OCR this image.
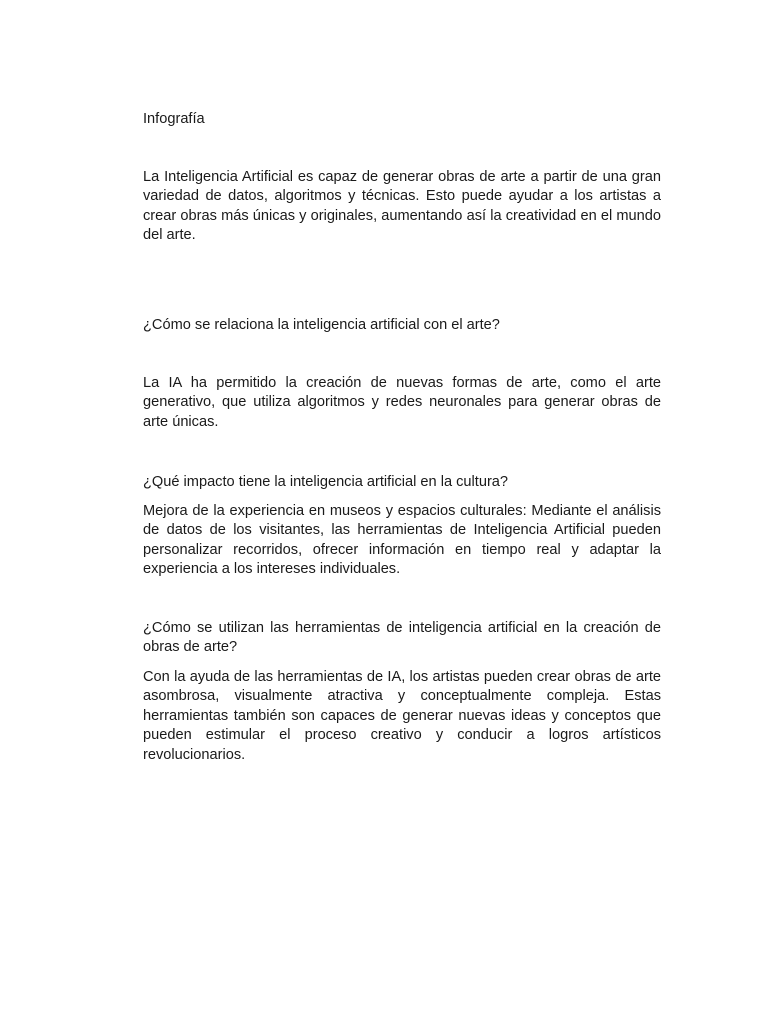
Infografía

La Inteligencia Artificial es capaz de generar obras de arte a partir de una gran variedad de datos, algoritmos y técnicas. Esto puede ayudar a los artistas a crear obras más únicas y originales, aumentando así la creatividad en el mundo del arte.

¿Cómo se relaciona la inteligencia artificial con el arte?

La IA ha permitido la creación de nuevas formas de arte, como el arte generativo, que utiliza algoritmos y redes neuronales para generar obras de arte únicas.

¿Qué impacto tiene la inteligencia artificial en la cultura?

Mejora de la experiencia en museos y espacios culturales: Mediante el análisis de datos de los visitantes, las herramientas de Inteligencia Artificial pueden personalizar recorridos, ofrecer información en tiempo real y adaptar la experiencia a los intereses individuales.

¿Cómo se utilizan las herramientas de inteligencia artificial en la creación de obras de arte?

Con la ayuda de las herramientas de IA, los artistas pueden crear obras de arte asombrosa, visualmente atractiva y conceptualmente compleja. Estas herramientas también son capaces de generar nuevas ideas y conceptos que pueden estimular el proceso creativo y conducir a logros artísticos revolucionarios.
